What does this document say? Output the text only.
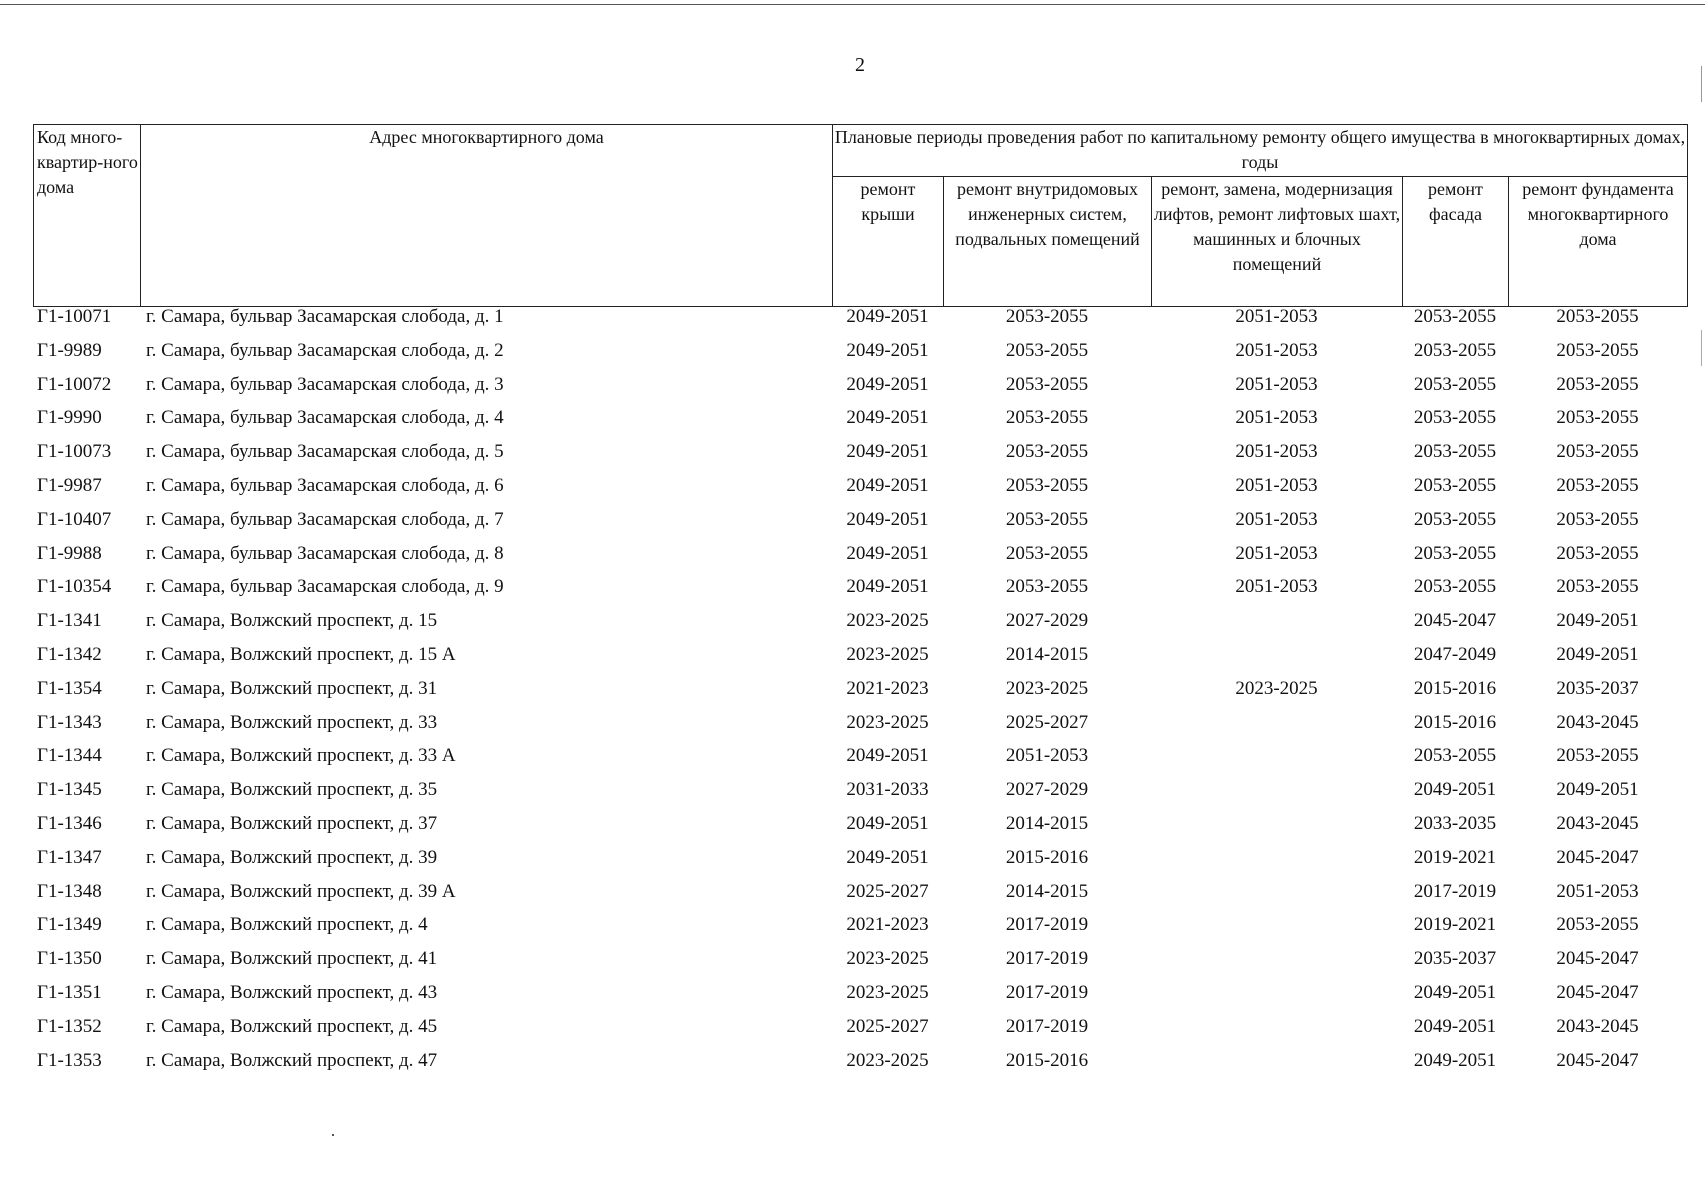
2
Код много-квартир-ного дома	Адрес многоквартирного дома	Плановые периоды проведения работ по капитальному ремонту общего имущества в многоквартирных домах, годы				
		ремонт крыши	ремонт внутридомовых инженерных систем, подвальных помещений	ремонт, замена, модернизация лифтов, ремонт лифтовых шахт, машинных и блочных помещений	ремонт фасада	ремонт фундамента многоквартирного дома
Г1-10071	г. Самара, бульвар Засамарская слобода, д. 1	2049-2051	2053-2055	2051-2053	2053-2055	2053-2055
Г1-9989	г. Самара, бульвар Засамарская слобода, д. 2	2049-2051	2053-2055	2051-2053	2053-2055	2053-2055
Г1-10072	г. Самара, бульвар Засамарская слобода, д. 3	2049-2051	2053-2055	2051-2053	2053-2055	2053-2055
Г1-9990	г. Самара, бульвар Засамарская слобода, д. 4	2049-2051	2053-2055	2051-2053	2053-2055	2053-2055
Г1-10073	г. Самара, бульвар Засамарская слобода, д. 5	2049-2051	2053-2055	2051-2053	2053-2055	2053-2055
Г1-9987	г. Самара, бульвар Засамарская слобода, д. 6	2049-2051	2053-2055	2051-2053	2053-2055	2053-2055
Г1-10407	г. Самара, бульвар Засамарская слобода, д. 7	2049-2051	2053-2055	2051-2053	2053-2055	2053-2055
Г1-9988	г. Самара, бульвар Засамарская слобода, д. 8	2049-2051	2053-2055	2051-2053	2053-2055	2053-2055
Г1-10354	г. Самара, бульвар Засамарская слобода, д. 9	2049-2051	2053-2055	2051-2053	2053-2055	2053-2055
Г1-1341	г. Самара, Волжский проспект, д. 15	2023-2025	2027-2029		2045-2047	2049-2051
Г1-1342	г. Самара, Волжский проспект, д. 15 А	2023-2025	2014-2015		2047-2049	2049-2051
Г1-1354	г. Самара, Волжский проспект, д. 31	2021-2023	2023-2025	2023-2025	2015-2016	2035-2037
Г1-1343	г. Самара, Волжский проспект, д. 33	2023-2025	2025-2027		2015-2016	2043-2045
Г1-1344	г. Самара, Волжский проспект, д. 33 А	2049-2051	2051-2053		2053-2055	2053-2055
Г1-1345	г. Самара, Волжский проспект, д. 35	2031-2033	2027-2029		2049-2051	2049-2051
Г1-1346	г. Самара, Волжский проспект, д. 37	2049-2051	2014-2015		2033-2035	2043-2045
Г1-1347	г. Самара, Волжский проспект, д. 39	2049-2051	2015-2016		2019-2021	2045-2047
Г1-1348	г. Самара, Волжский проспект, д. 39 А	2025-2027	2014-2015		2017-2019	2051-2053
Г1-1349	г. Самара, Волжский проспект, д. 4	2021-2023	2017-2019		2019-2021	2053-2055
Г1-1350	г. Самара, Волжский проспект, д. 41	2023-2025	2017-2019		2035-2037	2045-2047
Г1-1351	г. Самара, Волжский проспект, д. 43	2023-2025	2017-2019		2049-2051	2045-2047
Г1-1352	г. Самара, Волжский проспект, д. 45	2025-2027	2017-2019		2049-2051	2043-2045
Г1-1353	г. Самара, Волжский проспект, д. 47	2023-2025	2015-2016		2049-2051	2045-2047
